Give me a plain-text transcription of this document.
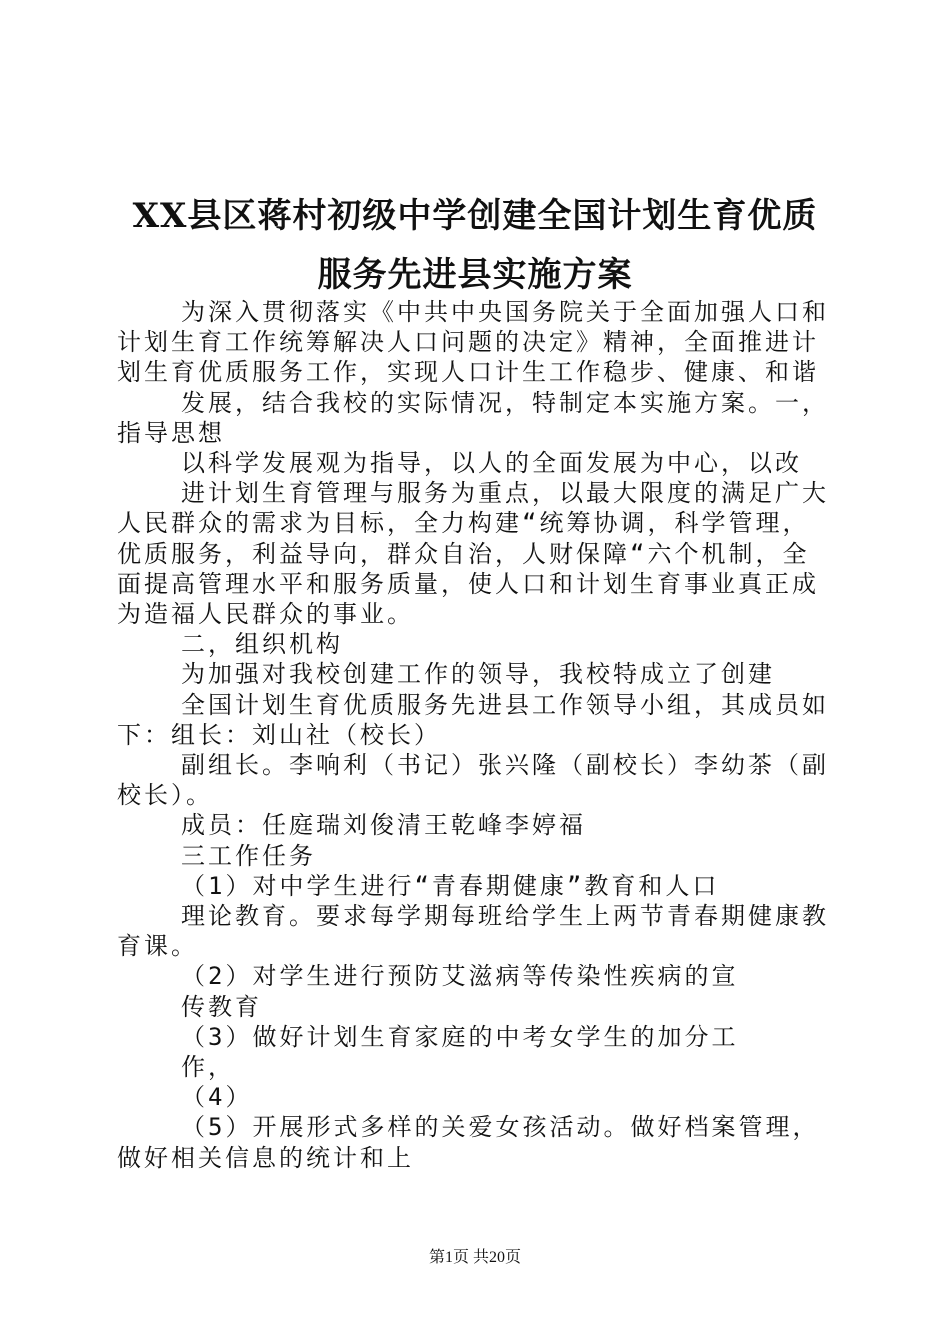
XX县区蒋村初级中学创建全国计划生育优质
服务先进县实施方案

为深入贯彻落实《中共中央国务院关于全面加强人口和计划生育工作统筹解决人口问题的决定》精神，全面推进计划生育优质服务工作，实现人口计生工作稳步、健康、和谐

发展，结合我校的实际情况，特制定本实施方案。一，指导思想

以科学发展观为指导，以人的全面发展为中心，以改

进计划生育管理与服务为重点，以最大限度的满足广大人民群众的需求为目标，全力构建“统筹协调，科学管理，优质服务，利益导向，群众自治，人财保障“六个机制，全面提高管理水平和服务质量，使人口和计划生育事业真正成为造福人民群众的事业。

二，组织机构

为加强对我校创建工作的领导，我校特成立了创建

全国计划生育优质服务先进县工作领导小组，其成员如下：组长：刘山社（校长）

副组长。李响利（书记）张兴隆（副校长）李幼茶（副校长）。

成员：任庭瑞刘俊清王乾峰李婷福

三工作任务

（1）对中学生进行“青春期健康”教育和人口

理论教育。要求每学期每班给学生上两节青春期健康教育课。

（2）对学生进行预防艾滋病等传染性疾病的宣

传教育

（3）做好计划生育家庭的中考女学生的加分工

作，

（4）

（5）开展形式多样的关爱女孩活动。做好档案管理，做好相关信息的统计和上

第1页 共20页
